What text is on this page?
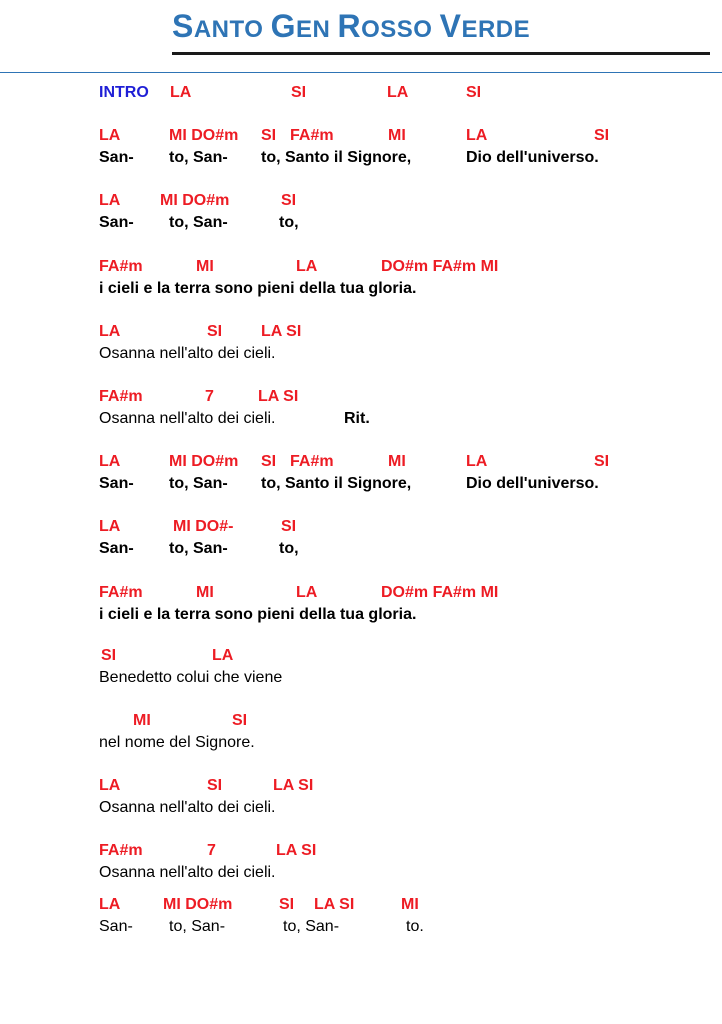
SANTO GEN ROSSO VERDE
INTRO LA	SI	LA	SI
LA	MI DO#m SI FA#m	MI	LA	SI
San- to, San- to, Santo il Signore,	Dio dell'universo.
LA MI DO#m	SI
San- to, San-	to,
FA#m	MI	LA	DO#m FA#m MI
i cieli e la terra sono pieni della tua gloria.
LA	SI LA SI
Osanna nell'alto dei cieli.
FA#m	7	LA SI
Osanna nell'alto dei cieli.	Rit.
LA	MI DO#m SI FA#m	MI	LA	SI
San- to, San- to, Santo il Signore,	Dio dell'universo.
LA	MI DO#-	SI
San- to, San-	to,
FA#m	MI	LA	DO#m FA#m MI
i cieli e la terra sono pieni della tua gloria.
SI	LA
Benedetto colui che viene
MI	SI
nel nome del Signore.
LA	SI	LA SI
Osanna nell'alto dei cieli.
FA#m	7	LA SI
Osanna nell'alto dei cieli.
LA	MI DO#m	SI LA SI	MI
San- to, San-	to, San-	to.
